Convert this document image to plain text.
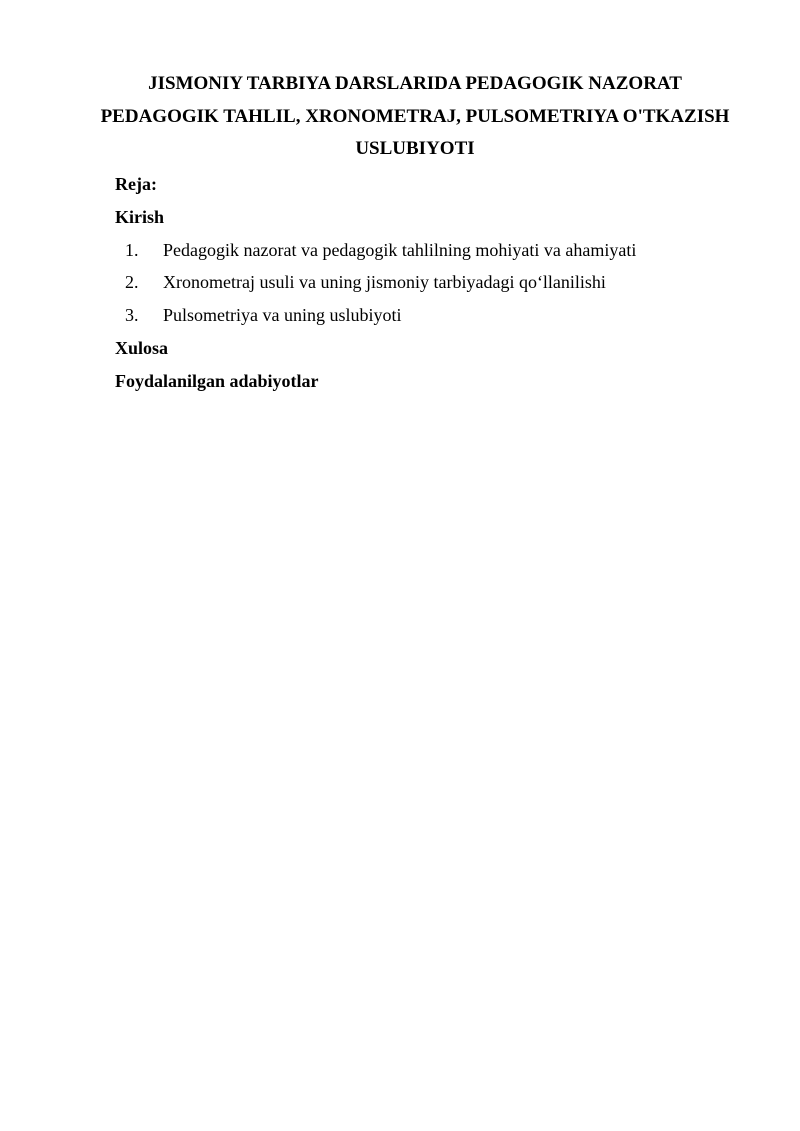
JISMONIY TARBIYA DARSLARIDA PEDAGOGIK NAZORAT
PEDAGOGIK TAHLIL, XRONOMETRAJ, PULSOMETRIYA O'TKAZISH
USLUBIYOTI

Reja:

Kirish

1. Pedagogik nazorat va pedagogik tahlilning mohiyati va ahamiyati
2. Xronometraj usuli va uning jismoniy tarbiyadagi qo‘llanilishi
3. Pulsometriya va uning uslubiyoti

Xulosa

Foydalanilgan adabiyotlar
